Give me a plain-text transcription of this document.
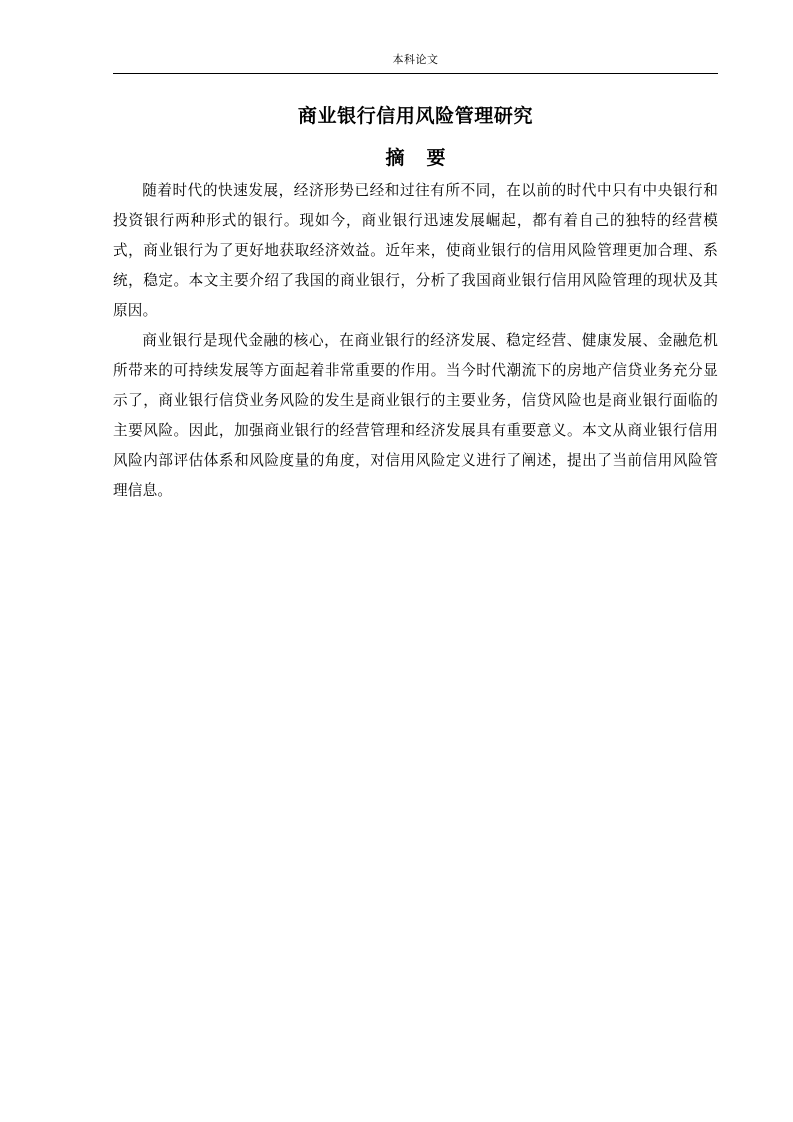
本科论文
商业银行信用风险管理研究
摘 要

随着时代的快速发展，经济形势已经和过往有所不同，在以前的时代中只有中央银行和投资银行两种形式的银行。现如今，商业银行迅速发展崛起，都有着自己的独特的经营模式，商业银行为了更好地获取经济效益。近年来，使商业银行的信用风险管理更加合理、系统，稳定。本文主要介绍了我国的商业银行，分析了我国商业银行信用风险管理的现状及其原因。

商业银行是现代金融的核心，在商业银行的经济发展、稳定经营、健康发展、金融危机所带来的可持续发展等方面起着非常重要的作用。当今时代潮流下的房地产信贷业务充分显示了，商业银行信贷业务风险的发生是商业银行的主要业务，信贷风险也是商业银行面临的主要风险。因此，加强商业银行的经营管理和经济发展具有重要意义。本文从商业银行信用风险内部评估体系和风险度量的角度，对信用风险定义进行了阐述，提出了当前信用风险管理信息。
